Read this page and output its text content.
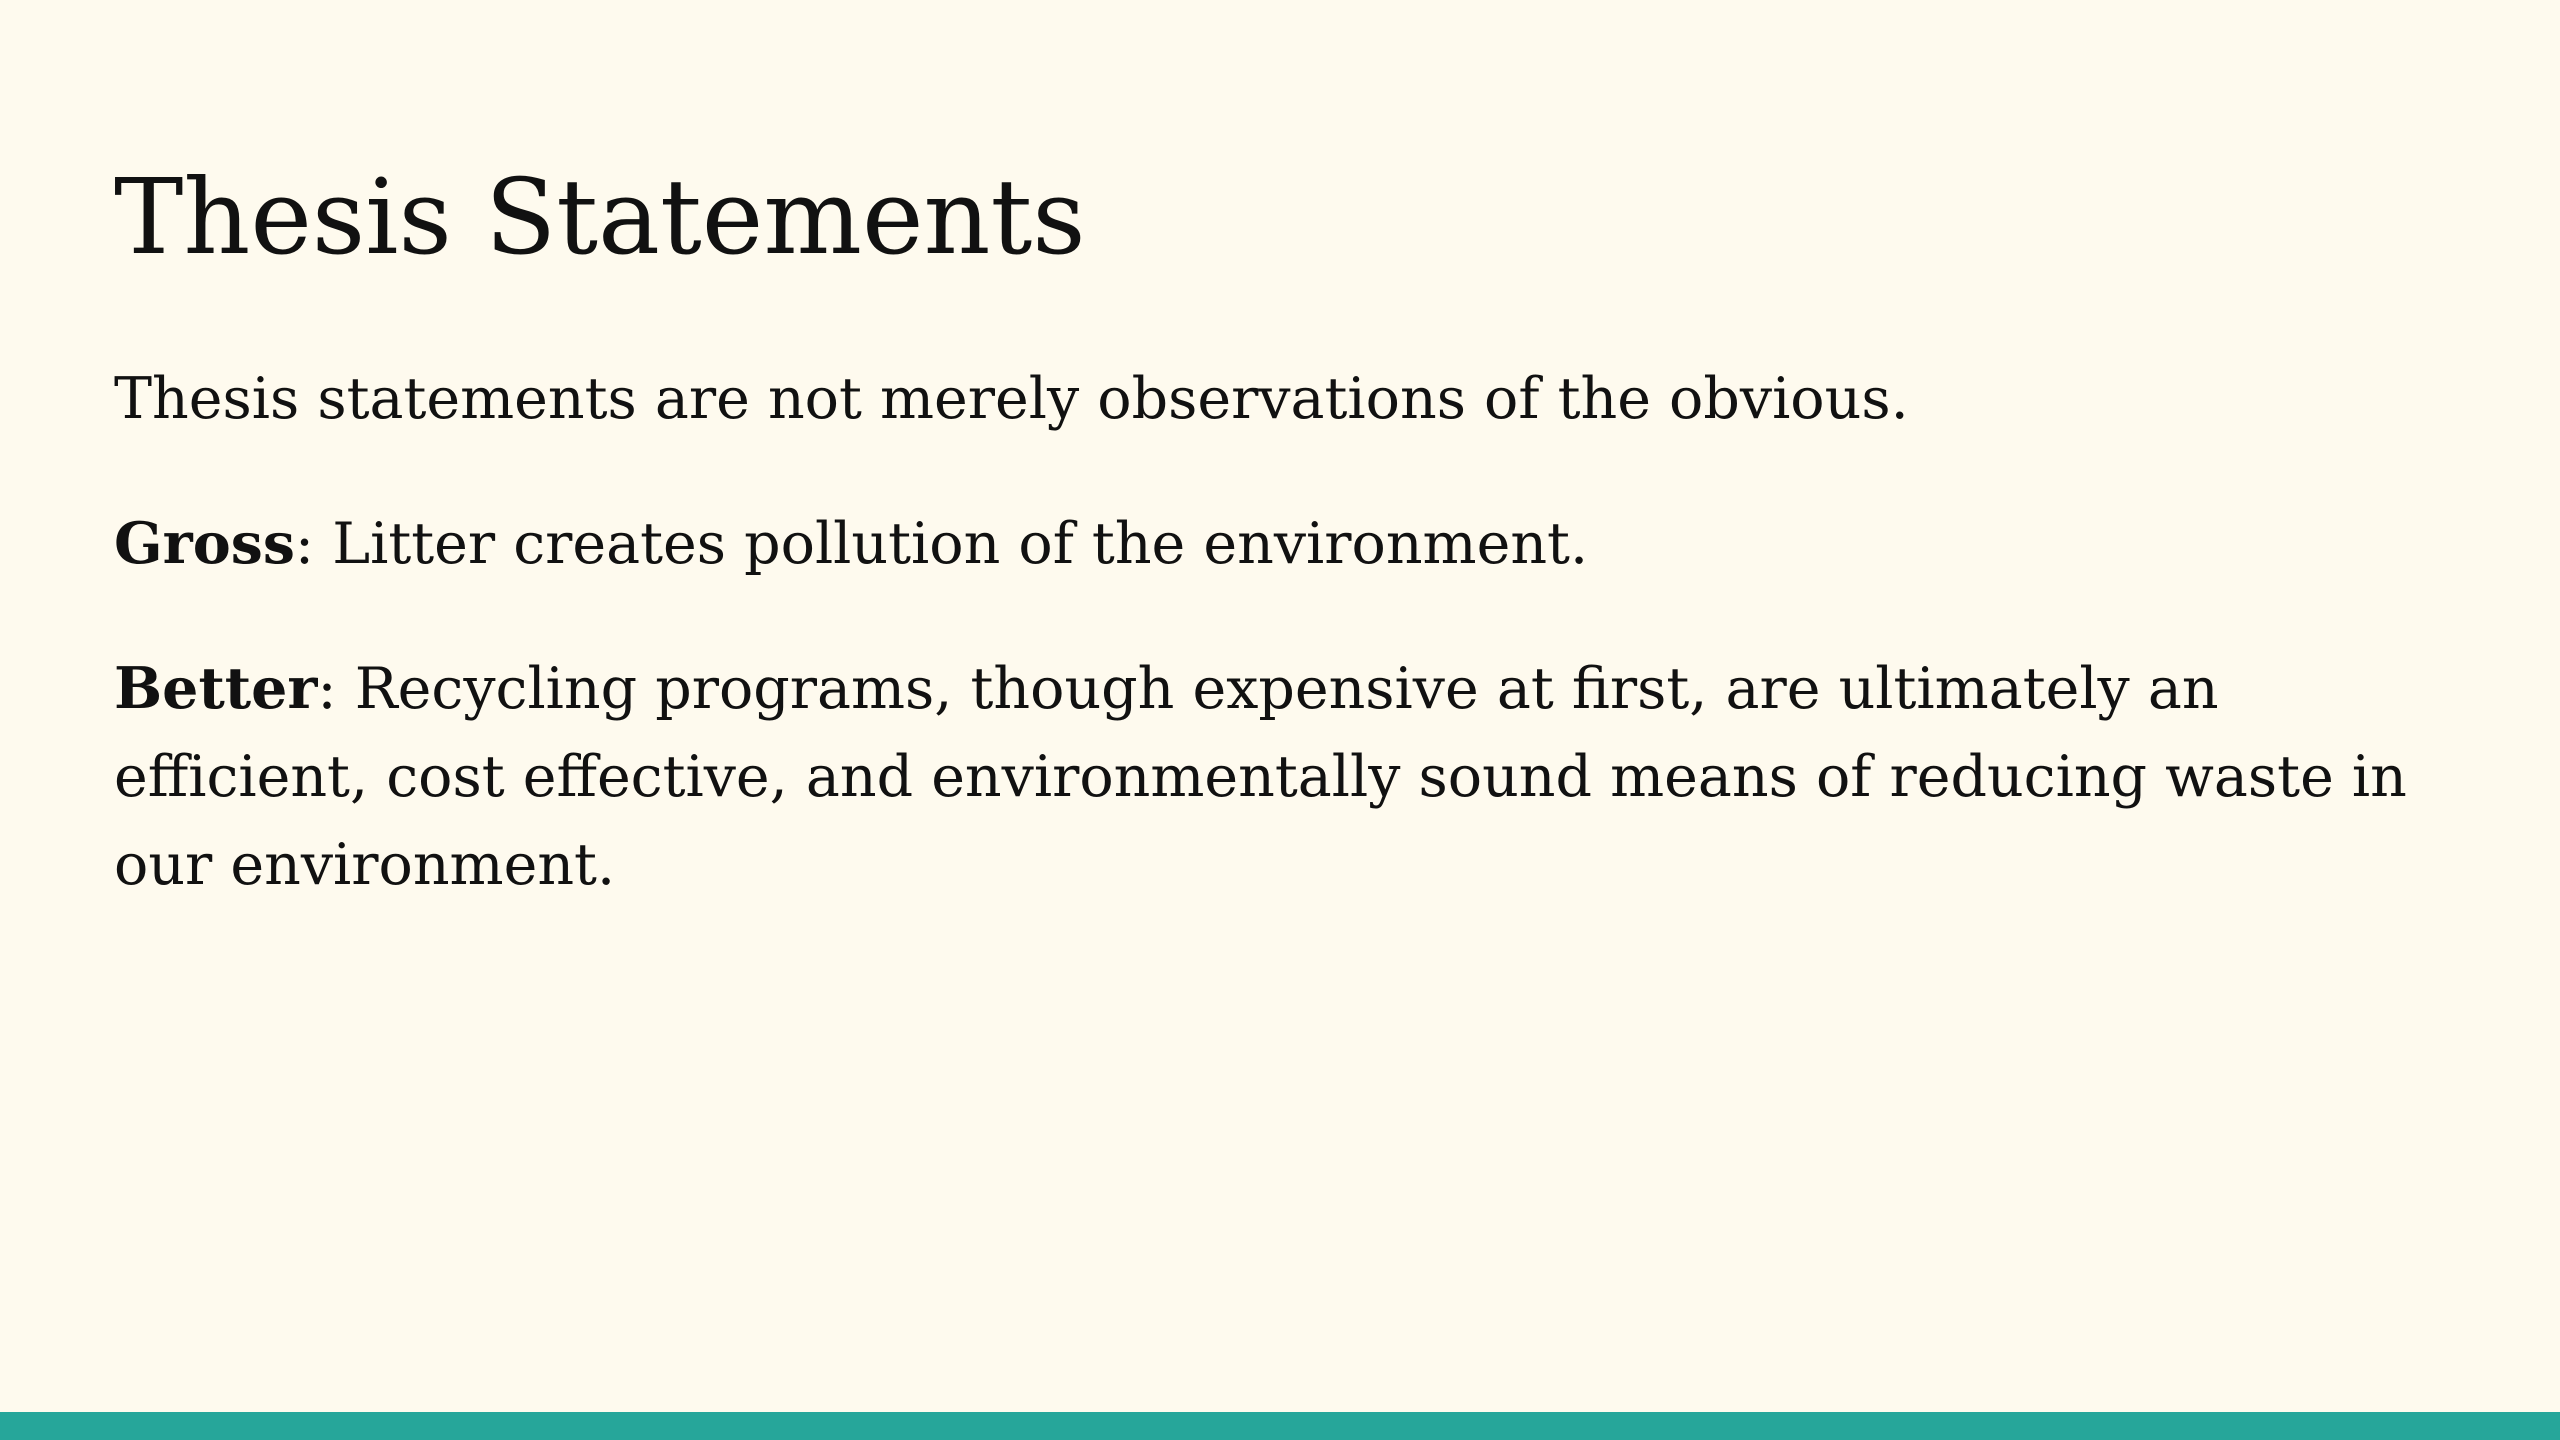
Thesis Statements

Thesis statements are not merely observations of the obvious.

Gross: Litter creates pollution of the environment.

Better: Recycling programs, though expensive at first, are ultimately an efficient, cost effective, and environmentally sound means of reducing waste in our environment.
